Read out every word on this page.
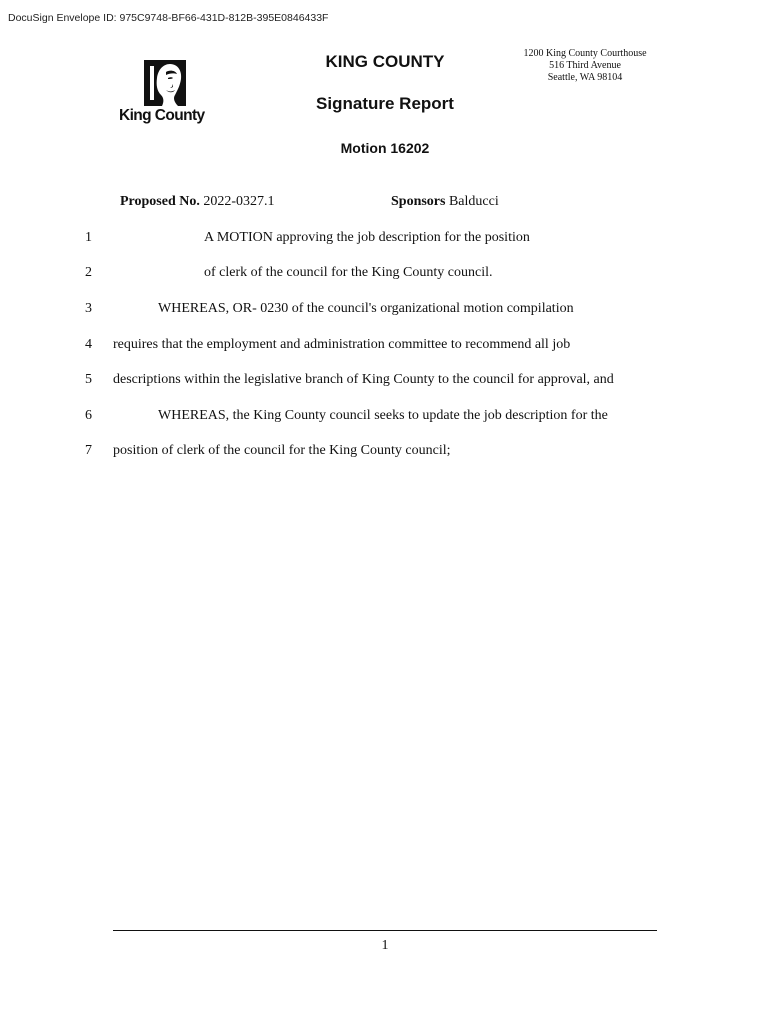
DocuSign Envelope ID: 975C9748-BF66-431D-812B-395E0846433F
King County
KING COUNTY
Signature Report
Motion 16202
1200 King County Courthouse
516 Third Avenue
Seattle, WA 98104
Proposed No. 2022-0327.1	Sponsors Balducci
1	A MOTION approving the job description for the position
2	of clerk of the council for the King County council.
3	WHEREAS, OR- 0230 of the council's organizational motion compilation
4 requires that the employment and administration committee to recommend all job
5 descriptions within the legislative branch of King County to the council for approval, and
6	WHEREAS, the King County council seeks to update the job description for the
7 position of clerk of the council for the King County council;
1
